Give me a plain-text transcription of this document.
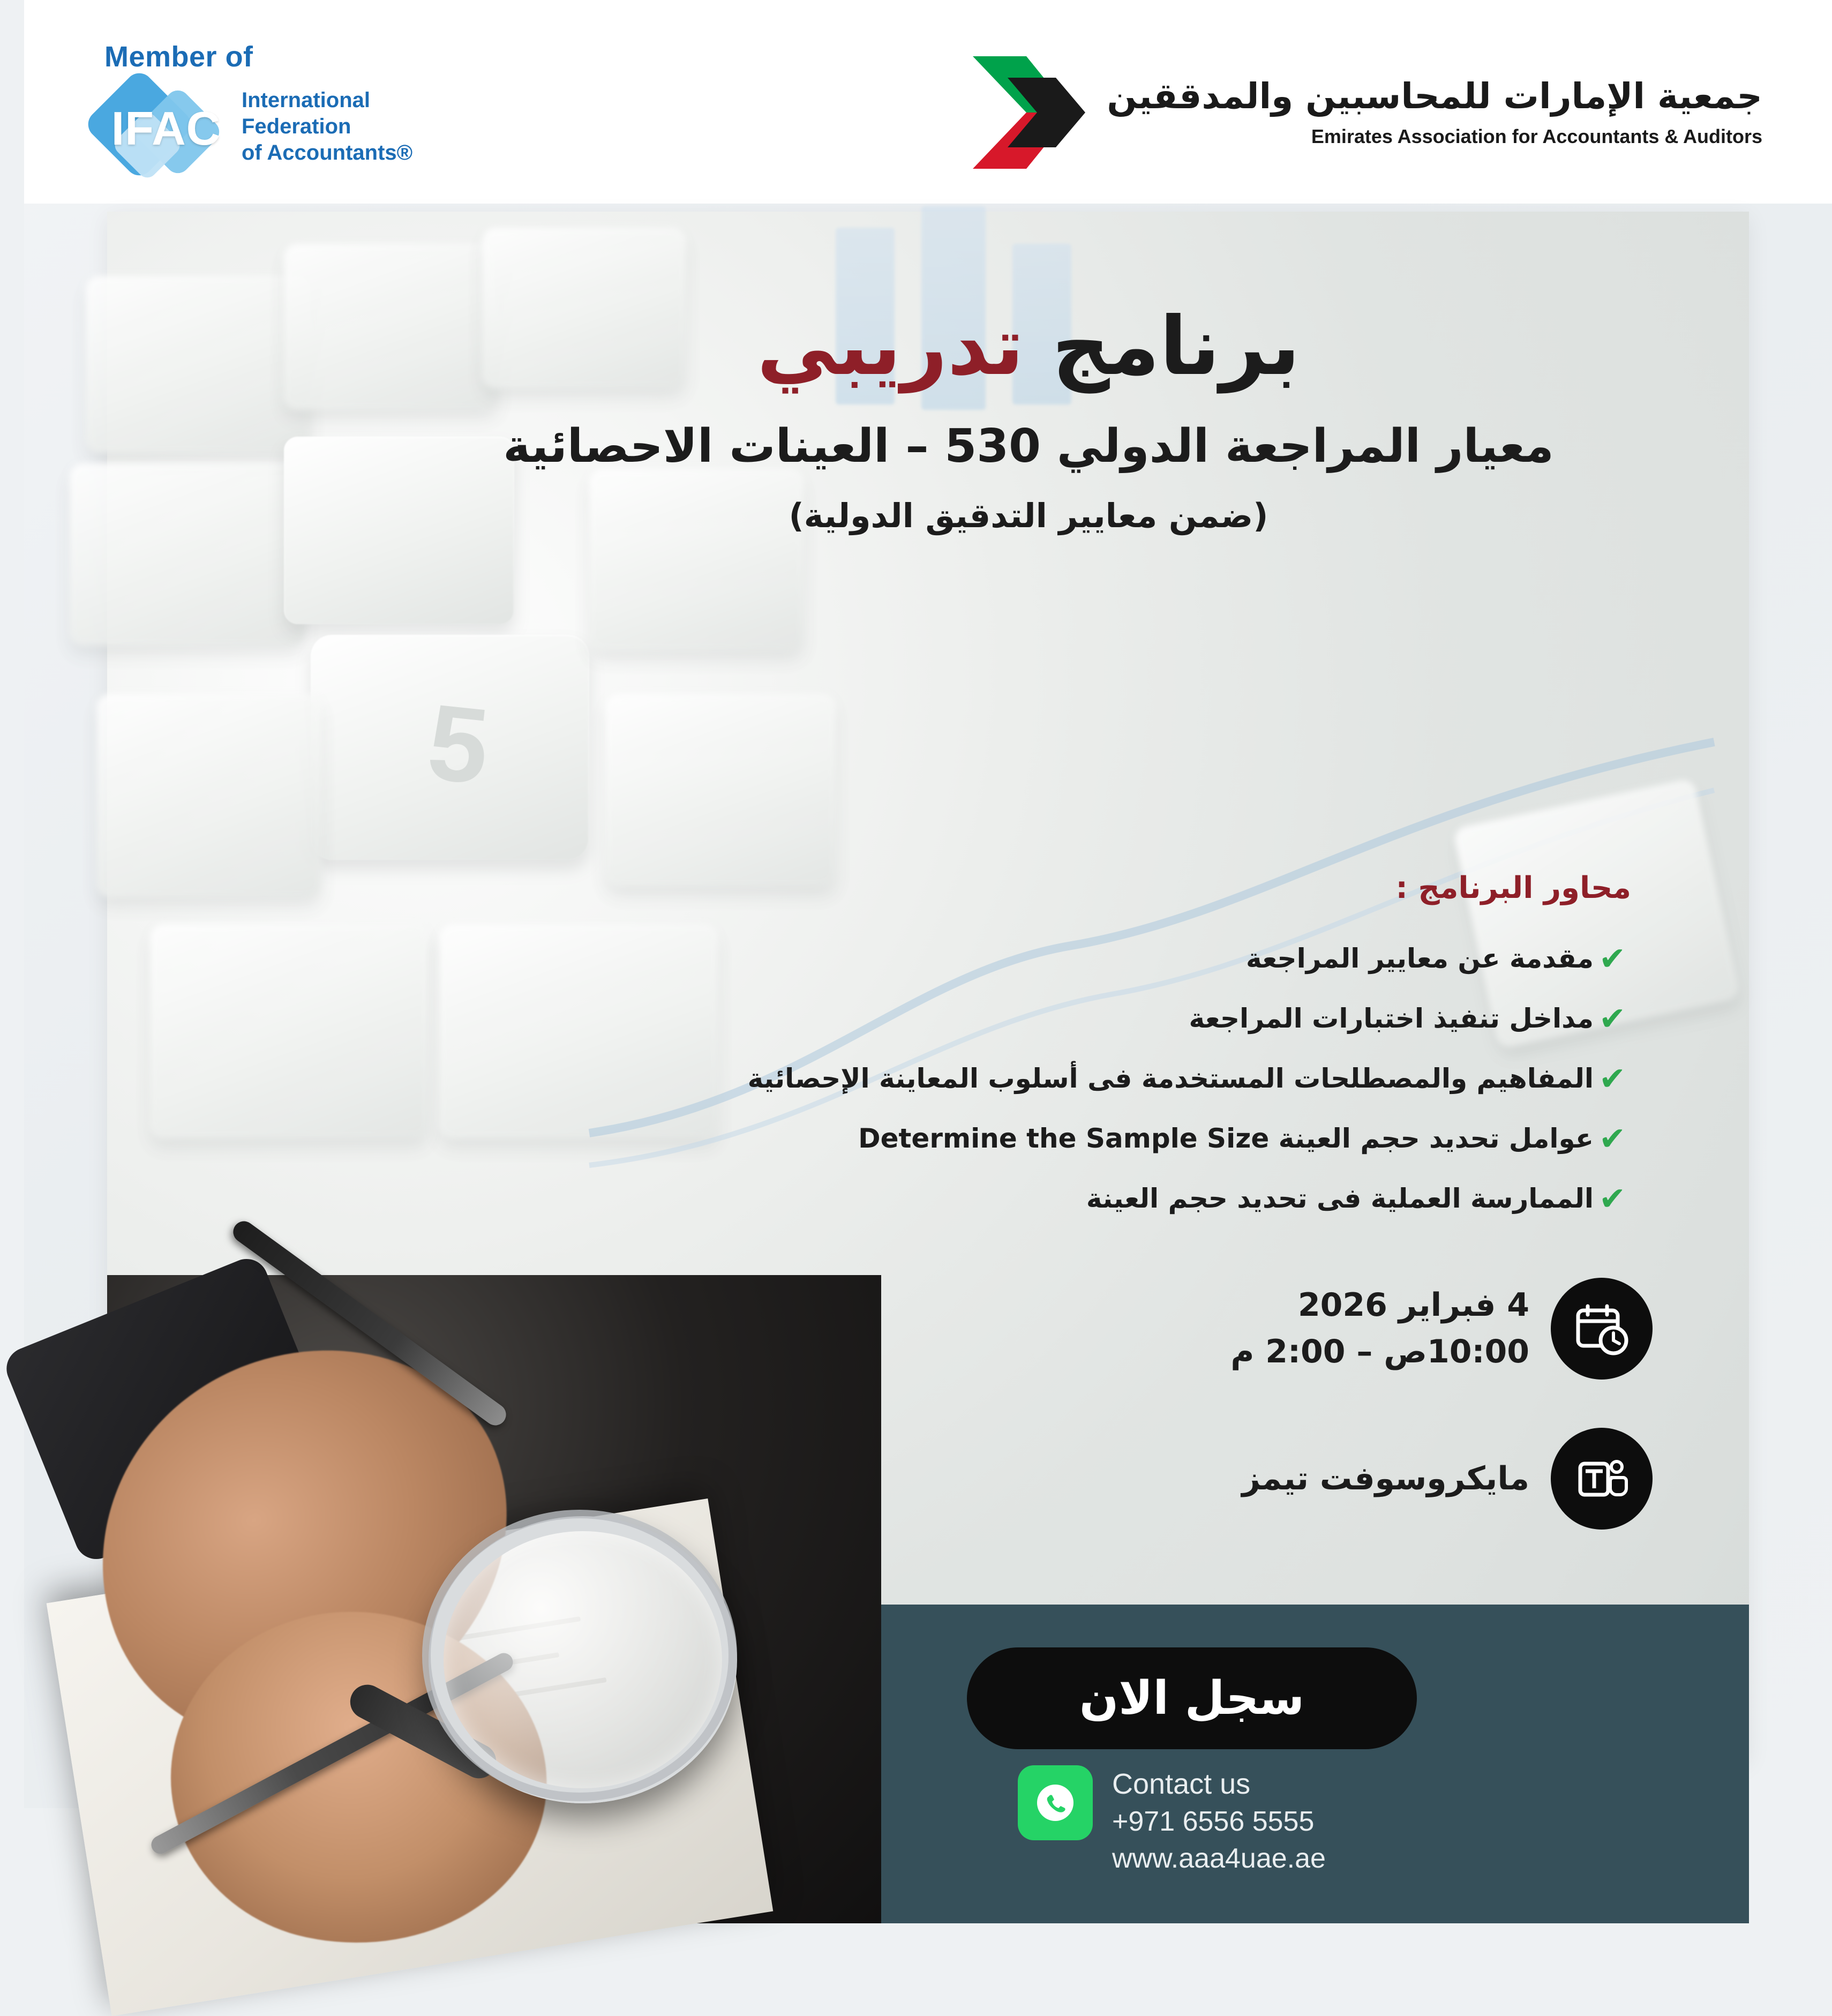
Member of
IFAC
International
Federation
of Accountants®
جمعية الإمارات للمحاسبين والمدققين
Emirates Association for Accountants & Auditors
5
برنامج تدريبي
معيار المراجعة الدولي 530 – العينات الاحصائية
(ضمن معايير التدقيق الدولية)
محاور البرنامج :
✔
مقدمة عن معايير المراجعة
✔
مداخل تنفيذ اختبارات المراجعة
✔
المفاهيم والمصطلحات المستخدمة فى أسلوب المعاينة الإحصائية
✔
عوامل تحديد حجم العينة Determine the Sample Size
✔
الممارسة العملية فى تحديد حجم العينة
4 فبراير 2026
10:00ص – 2:00 م
مايكروسوفت تيمز
سجل الان
Contact us
+971 6556 5555
www.aaa4uae.ae
